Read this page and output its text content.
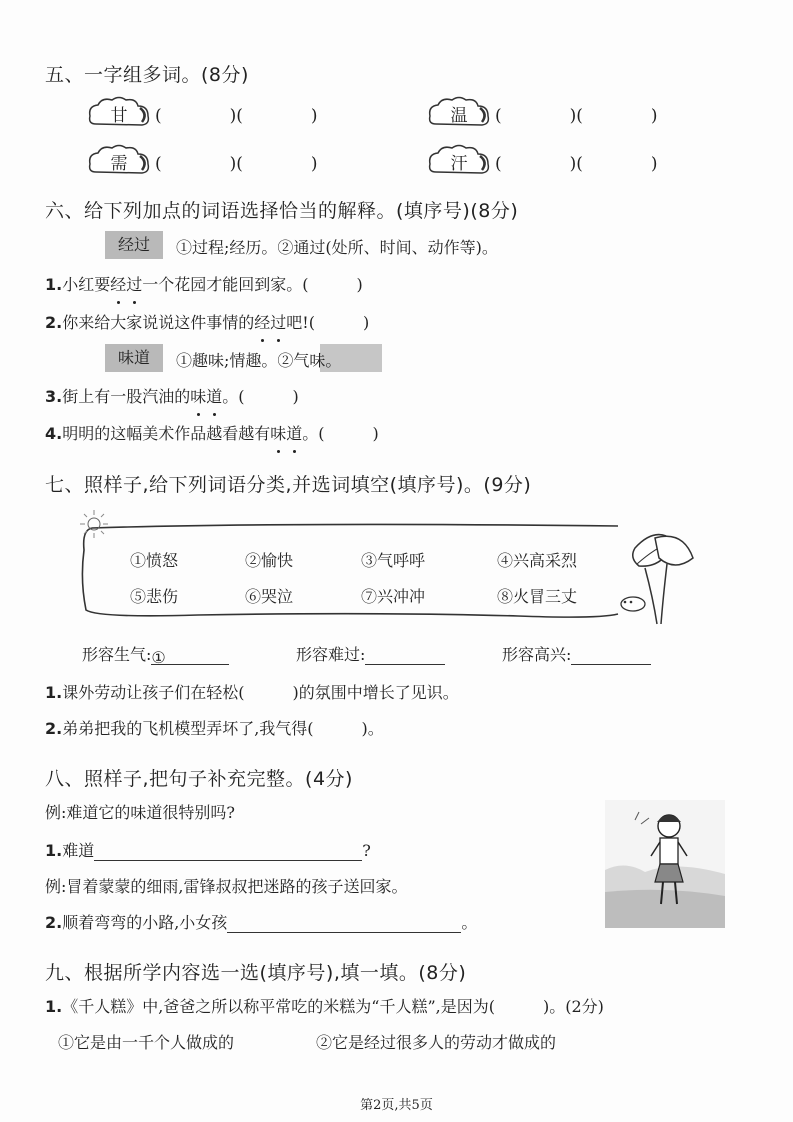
五、一字组多词。(8分)
甘	(　　　　)(　　　　)	温	(　　　　)(　　　　)
需	(　　　　)(　　　　)	汗	(　　　　)(　　　　)
六、给下列加点的词语选择恰当的解释。(填序号)(8分)
经过	①过程;经历。②通过(处所、时间、动作等)。
1.小红要经过一个花园才能回到家。(　　　)
2.你来给大家说说这件事情的经过吧!(　　　)
味道	①趣味;情趣。②气味。
3.街上有一股汽油的味道。(　　　)
4.明明的这幅美术作品越看越有味道。(　　　)
七、照样子,给下列词语分类,并选词填空(填序号)。(9分)
①愤怒	②愉快	③气呼呼	④兴高采烈
⑤悲伤	⑥哭泣	⑦兴冲冲	⑧火冒三丈
形容生气:①	形容难过:	形容高兴:
1.课外劳动让孩子们在轻松(　　　)的氛围中增长了见识。
2.弟弟把我的飞机模型弄坏了,我气得(　　　)。
八、照样子,把句子补充完整。(4分)
例:难道它的味道很特别吗?
1.难道	?
例:冒着蒙蒙的细雨,雷锋叔叔把迷路的孩子送回家。
2.顺着弯弯的小路,小女孩	。
九、根据所学内容选一选(填序号),填一填。(8分)
1.《千人糕》中,爸爸之所以称平常吃的米糕为“千人糕”,是因为(　　　)。(2分)
①它是由一千个人做成的	②它是经过很多人的劳动才做成的
第2页,共5页
